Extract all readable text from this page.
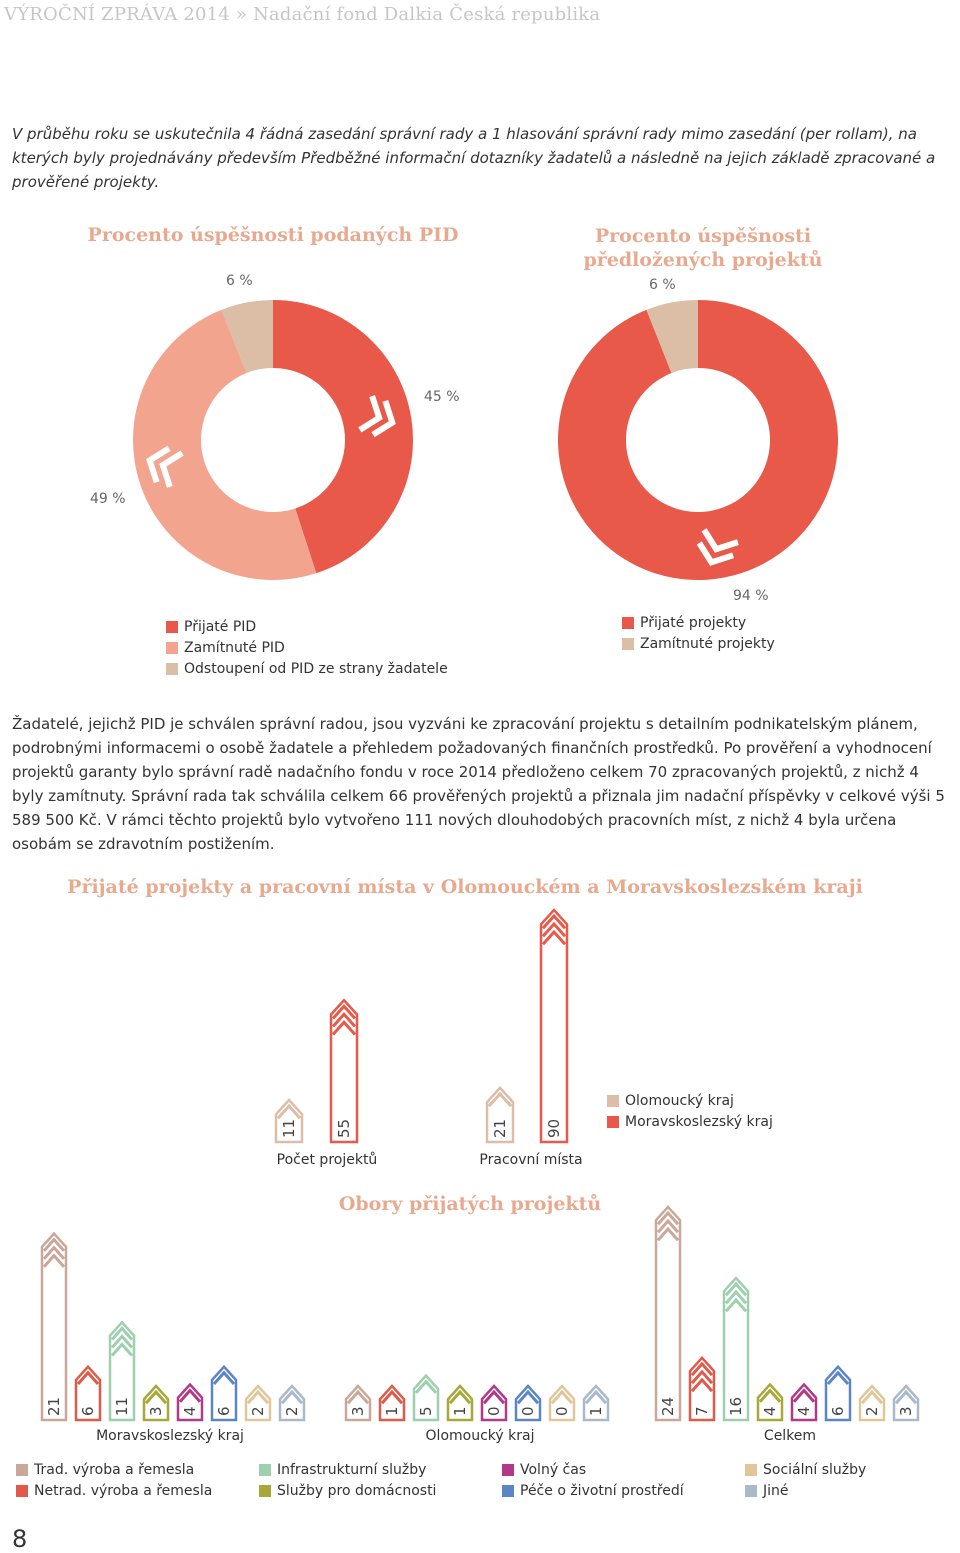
VÝROČNÍ ZPRÁVA 2014 » Nadační fond Dalkia Česká republika
V průběhu roku se uskutečnila 4 řádná zasedání správní rady a 1 hlasování správní rady mimo zasedání (per rollam), na kterých byly projednávány především Předběžné informační dotazníky žadatelů a následně na jejich základě zpracované a prověřené projekty.
Procento úspěšnosti podaných PID
6 %
45 %
49 %
Procento úspěšnosti předložených projektů
6 %
94 %
Přijaté PID
Zamítnuté PID
Odstoupení od PID ze strany žadatele
Přijaté projekty
Zamítnuté projekty
Žadatelé, jejichž PID je schválen správní radou, jsou vyzváni ke zpracování projektu s detailním podnikatelským plánem, podrobnými informacemi o osobě žadatele a přehledem požadovaných finančních prostředků. Po prověření a vyhodnocení projektů garanty bylo správní radě nadačního fondu v roce 2014 předloženo celkem 70 zpracovaných projektů, z nichž 4 byly zamítnuty. Správní rada tak schválila celkem 66 prověřených projektů a přiznala jim nadační příspěvky v celkové výši 5 589 500 Kč. V rámci těchto projektů bylo vytvořeno 111 nových dlouhodobých pracovních míst, z nichž 4 byla určena osobám se zdravotním postižením.
Přijaté projekty a pracovní místa v Olomouckém a Moravskoslezském kraji
Počet projektů	Pracovní místa
Olomoucký kraj
Moravskoslezský kraj
Obory přijatých projektů
Moravskoslezský kraj	Olomoucký kraj	Celkem
Trad. výroba a řemesla	Infrastrukturní služby	Volný čas	Sociální služby
Netrad. výroba a řemesla	Služby pro domácnosti	Péče o životní prostředí	Jiné
8
11 55	21 90
21 6 11 3 4 6 2 2	3 1 5 1 0 0 0 1	24 7 16 4 4 6 2 3
